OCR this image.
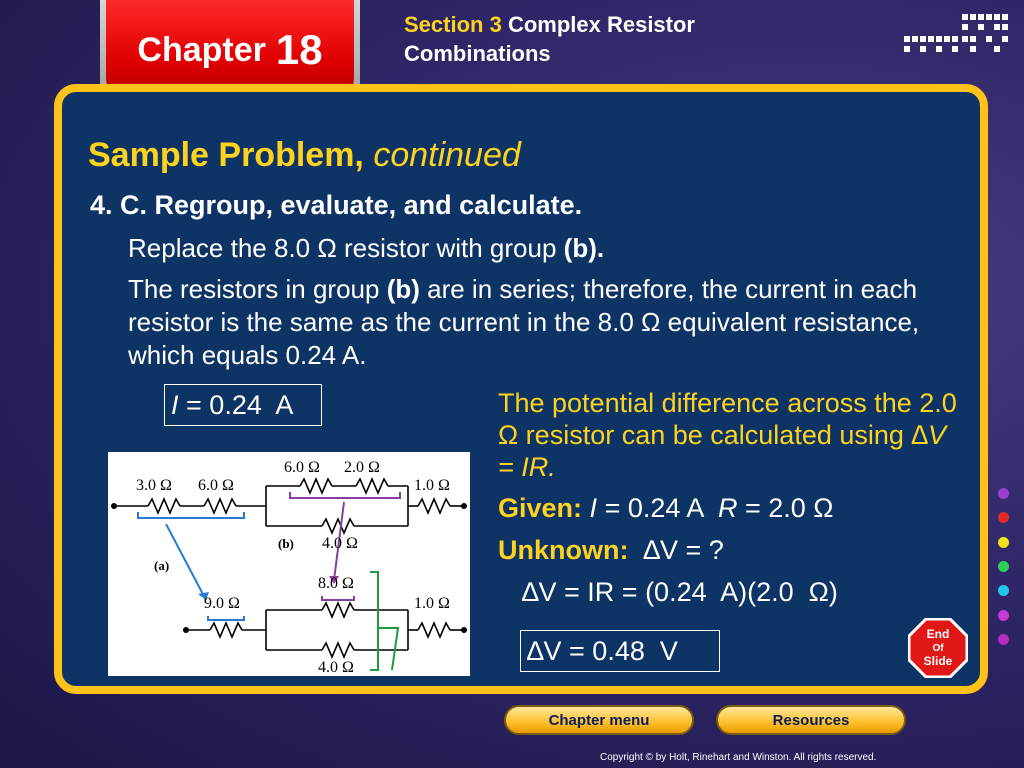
Chapter 18
Section 3 Complex Resistor Combinations
Sample Problem, continued
4. C. Regroup, evaluate, and calculate.
Replace the 8.0 Ω resistor with group (b).
The resistors in group (b) are in series; therefore, the current in each resistor is the same as the current in the 8.0 Ω equivalent resistance, which equals 0.24 A.
I = 0.24  A	The potential difference across the 2.0 Ω resistor can be calculated using ∆V = IR.
Given: I = 0.24 A R = 2.0 Ω
Unknown: ∆V = ?
∆V = IR = (0.24  A)(2.0  Ω)
∆V = 0.48  V
3.0 Ω 6.0 Ω
6.0 Ω 2.0 Ω
1.0 Ω
4.0 Ω
(a)
(b)
9.0 Ω
8.0 Ω
1.0 Ω
4.0 Ω
End
Of
Slide
Chapter menu	Resources
Copyright © by Holt, Rinehart and Winston. All rights reserved.
